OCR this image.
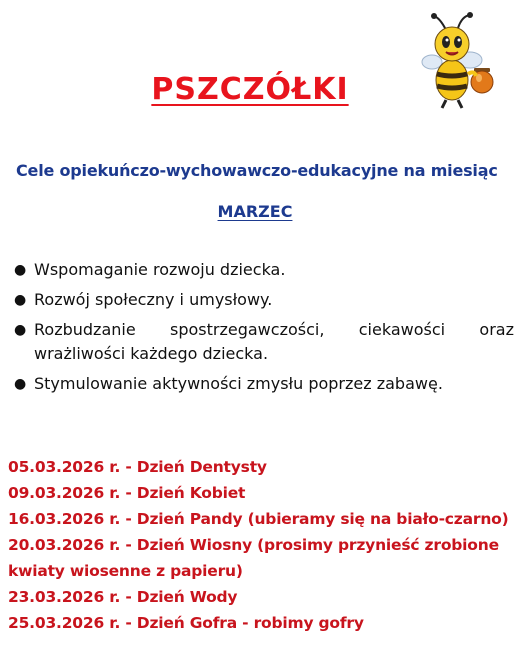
PSZCZÓŁKI
Cele opiekuńczo-wychowawczo-edukacyjne na miesiąc
MARZEC
● Wspomaganie rozwoju dziecka.
● Rozwój społeczny i umysłowy.
● Rozbudzanie spostrzegawczości, ciekawości oraz wrażliwości każdego dziecka.
● Stymulowanie aktywności zmysłu poprzez zabawę.
05.03.2026 r. - Dzień Dentysty
09.03.2026 r. - Dzień Kobiet
16.03.2026 r. - Dzień Pandy (ubieramy się na biało-czarno)
20.03.2026 r. - Dzień Wiosny (prosimy przynieść zrobione
kwiaty wiosenne z papieru)
23.03.2026 r. - Dzień Wody
25.03.2026 r. - Dzień Gofra - robimy gofry
